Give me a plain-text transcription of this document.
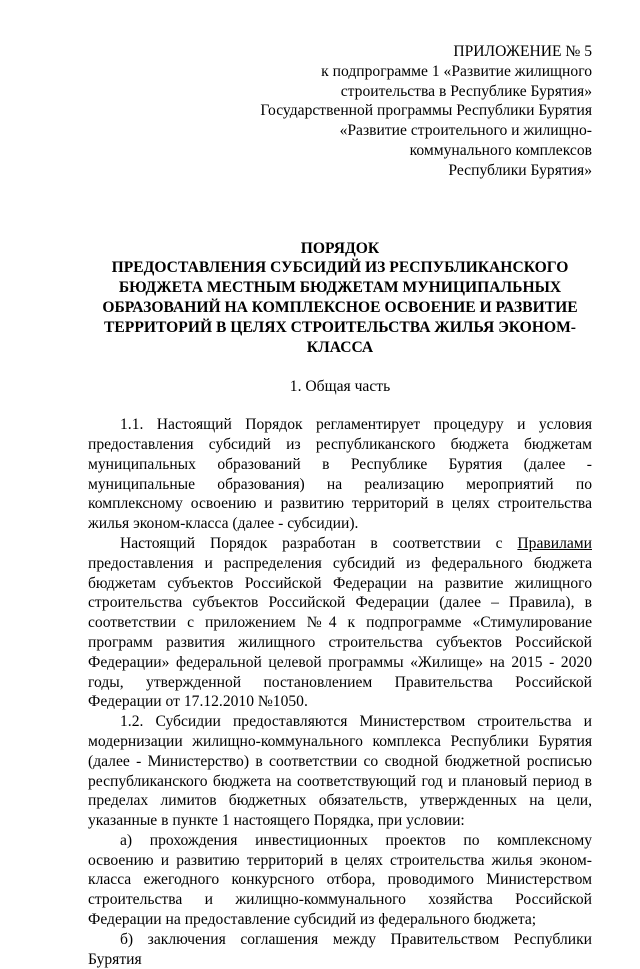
ПРИЛОЖЕНИЕ № 5
к подпрограмме 1 «Развитие жилищного
строительства в Республике Бурятия»
Государственной программы Республики Бурятия
«Развитие строительного и жилищно-
коммунального комплексов
Республики Бурятия»
ПОРЯДОК
ПРЕДОСТАВЛЕНИЯ СУБСИДИЙ ИЗ РЕСПУБЛИКАНСКОГО
БЮДЖЕТА МЕСТНЫМ БЮДЖЕТАМ МУНИЦИПАЛЬНЫХ
ОБРАЗОВАНИЙ НА КОМПЛЕКСНОЕ ОСВОЕНИЕ И РАЗВИТИЕ
ТЕРРИТОРИЙ В ЦЕЛЯХ СТРОИТЕЛЬСТВА ЖИЛЬЯ ЭКОНОМ-
КЛАССА
1. Общая часть

1.1. Настоящий Порядок регламентирует процедуру и условия предоставления субсидий из республиканского бюджета бюджетам муниципальных образований в Республике Бурятия (далее - муниципальные образования) на реализацию мероприятий по комплексному освоению и развитию территорий в целях строительства жилья эконом-класса (далее - субсидии).

Настоящий Порядок разработан в соответствии с Правилами предоставления и распределения субсидий из федерального бюджета бюджетам субъектов Российской Федерации на развитие жилищного строительства субъектов Российской Федерации (далее – Правила), в соответствии с приложением №4 к подпрограмме «Стимулирование программ развития жилищного строительства субъектов Российской Федерации» федеральной целевой программы «Жилище» на 2015 - 2020 годы, утвержденной постановлением Правительства Российской Федерации от 17.12.2010 №1050.

1.2. Субсидии предоставляются Министерством строительства и модернизации жилищно-коммунального комплекса Республики Бурятия (далее - Министерство) в соответствии со сводной бюджетной росписью республиканского бюджета на соответствующий год и плановый период в пределах лимитов бюджетных обязательств, утвержденных на цели, указанные в пункте 1 настоящего Порядка, при условии:

а) прохождения инвестиционных проектов по комплексному освоению и развитию территорий в целях строительства жилья эконом-класса ежегодного конкурсного отбора, проводимого Министерством строительства и жилищно-коммунального хозяйства Российской Федерации на предоставление субсидий из федерального бюджета;

б) заключения соглашения между Правительством Республики Бурятия
